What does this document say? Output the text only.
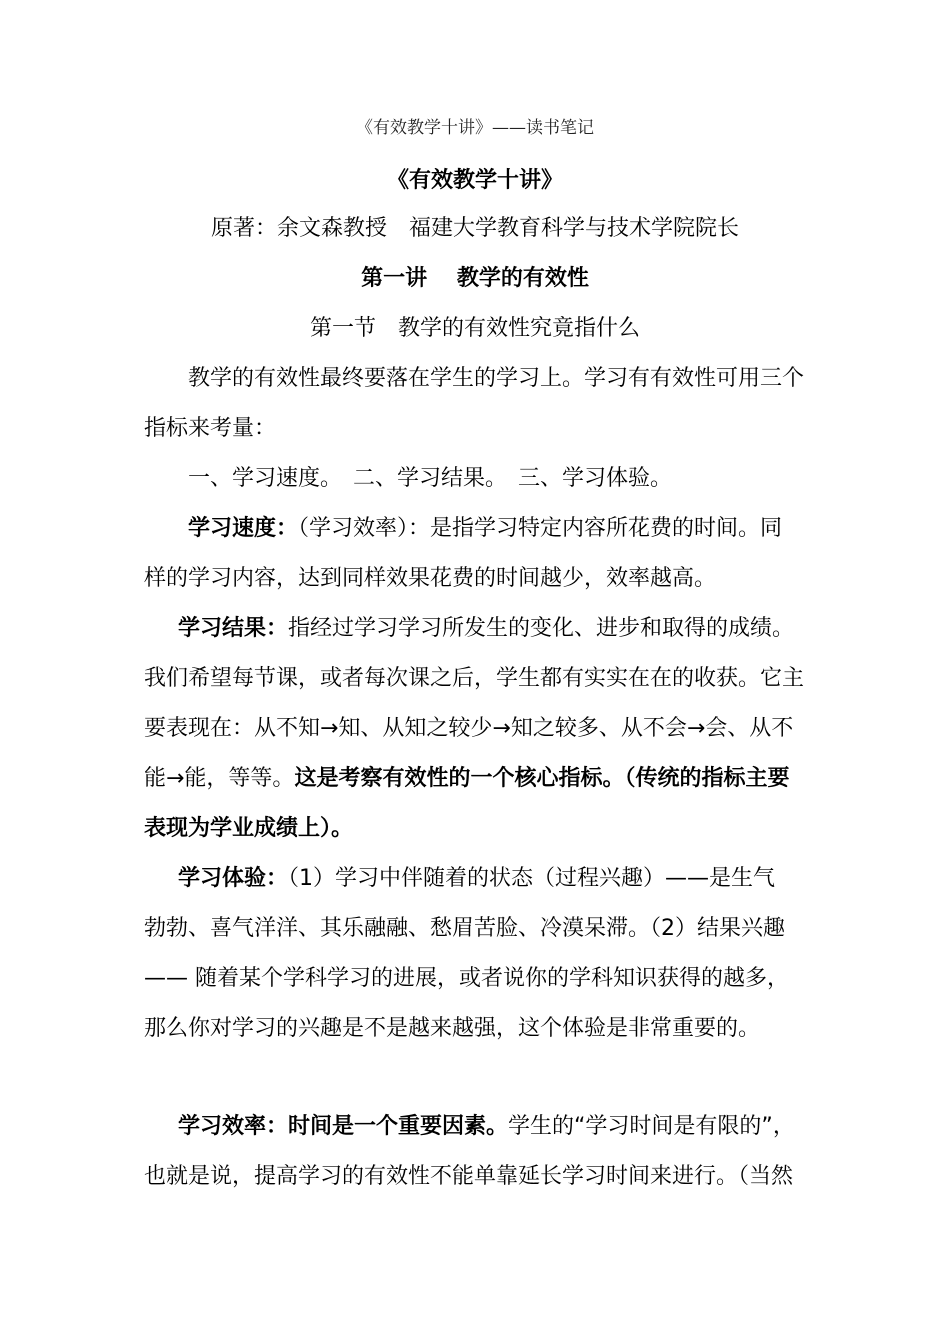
《有效教学十讲》——读书笔记
《有效教学十讲》
原著：余文森教授　福建大学教育科学与技术学院院长
第一讲　 教学的有效性
第一节　教学的有效性究竟指什么
教学的有效性最终要落在学生的学习上。学习有有效性可用三个
指标来考量：
一、学习速度。　二、学习结果。　三、学习体验。
学习速度：（学习效率）：是指学习特定内容所花费的时间。同
样的学习内容，达到同样效果花费的时间越少，效率越高。
学习结果：指经过学习学习所发生的变化、进步和取得的成绩。
我们希望每节课，或者每次课之后，学生都有实实在在的收获。它主
要表现在：从不知→知、从知之较少→知之较多、从不会→会、从不
能→能，等等。这是考察有效性的一个核心指标。（传统的指标主要
表现为学业成绩上）。
学习体验：（1）学习中伴随着的状态（过程兴趣）——是生气
勃勃、喜气洋洋、其乐融融、愁眉苦脸、冷漠呆滞。（2）结果兴趣
—— 随着某个学科学习的进展，或者说你的学科知识获得的越多，
那么你对学习的兴趣是不是越来越强，这个体验是非常重要的。
学习效率：时间是一个重要因素。学生的“学习时间是有限的”，
也就是说，提高学习的有效性不能单靠延长学习时间来进行。（当然
